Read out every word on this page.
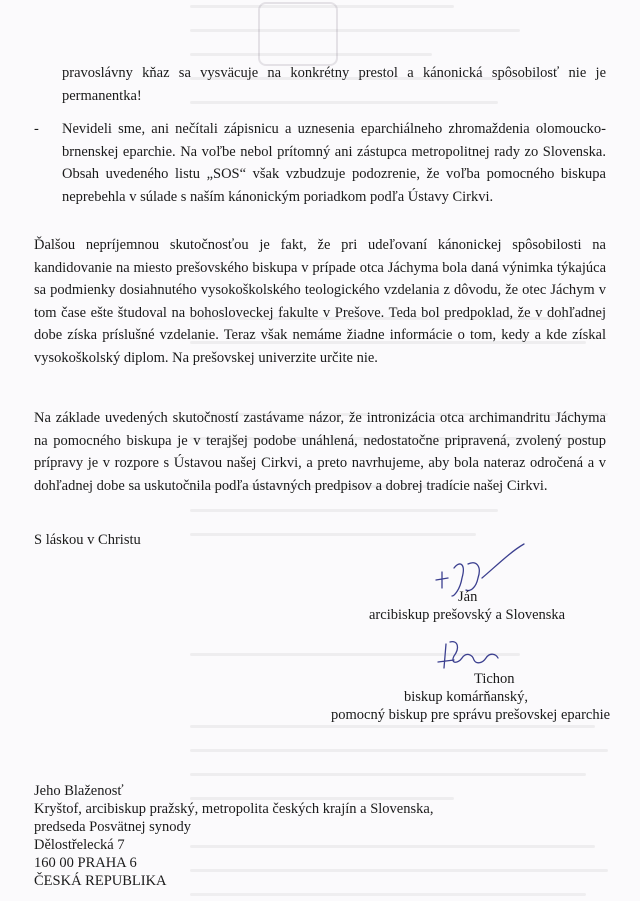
pravoslávny kňaz sa vysväcuje na konkrétny prestol a kánonická spôsobilosť nie je permanentka!

- Nevideli sme, ani nečítali zápisnicu a uznesenia eparchiálneho zhromaždenia olomoucko-brnenskej eparchie. Na voľbe nebol prítomný ani zástupca metropolitnej rady zo Slovenska. Obsah uvedeného listu „SOS“ však vzbudzuje podozrenie, že voľba pomocného biskupa neprebehla v súlade s naším kánonickým poriadkom podľa Ústavy Cirkvi.

Ďalšou nepríjemnou skutočnosťou je fakt, že pri udeľovaní kánonickej spôsobilosti na kandidovanie na miesto prešovského biskupa v prípade otca Jáchyma bola daná výnimka týkajúca sa podmienky dosiahnutého vysokoškolského teologického vzdelania z dôvodu, že otec Jáchym v tom čase ešte študoval na bohosloveckej fakulte v Prešove. Teda bol predpoklad, že v dohľadnej dobe získa príslušné vzdelanie. Teraz však nemáme žiadne informácie o tom, kedy a kde získal vysokoškolský diplom. Na prešovskej univerzite určite nie.

Na základe uvedených skutočností zastávame názor, že intronizácia otca archimandritu Jáchyma na pomocného biskupa je v terajšej podobe unáhlená, nedostatočne pripravená, zvolený postup prípravy je v rozpore s Ústavou našej Cirkvi, a preto navrhujeme, aby bola nateraz odročená a v dohľadnej dobe sa uskutočnila podľa ústavných predpisov a dobrej tradície našej Cirkvi.

S láskou v Christu
Ján
arcibiskup prešovský a Slovenska
Tichon
biskup komárňanský,
pomocný biskup pre správu prešovskej eparchie
Jeho Blaženosť
Kryštof, arcibiskup pražský, metropolita českých krajín a Slovenska,
predseda Posvätnej synody
Dělostřelecká 7
160 00 PRAHA 6
ČESKÁ REPUBLIKA
